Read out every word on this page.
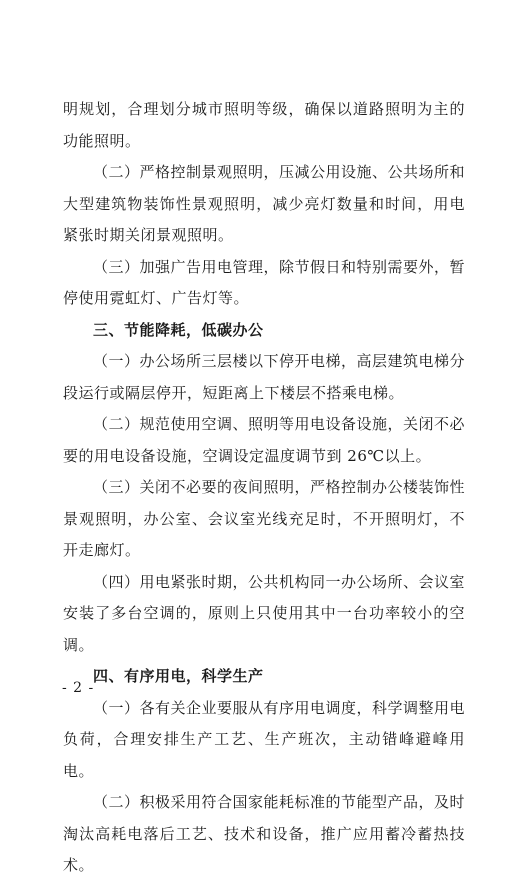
明规划，合理划分城市照明等级，确保以道路照明为主的功能照明。

（二）严格控制景观照明，压减公用设施、公共场所和大型建筑物装饰性景观照明，减少亮灯数量和时间，用电紧张时期关闭景观照明。

（三）加强广告用电管理，除节假日和特别需要外，暂停使用霓虹灯、广告灯等。

三、节能降耗，低碳办公

（一）办公场所三层楼以下停开电梯，高层建筑电梯分段运行或隔层停开，短距离上下楼层不搭乘电梯。

（二）规范使用空调、照明等用电设备设施，关闭不必要的用电设备设施，空调设定温度调节到 26℃以上。

（三）关闭不必要的夜间照明，严格控制办公楼装饰性景观照明，办公室、会议室光线充足时，不开照明灯，不开走廊灯。

（四）用电紧张时期，公共机构同一办公场所、会议室安装了多台空调的，原则上只使用其中一台功率较小的空调。

四、有序用电，科学生产

（一）各有关企业要服从有序用电调度，科学调整用电负荷，合理安排生产工艺、生产班次，主动错峰避峰用电。

（二）积极采用符合国家能耗标准的节能型产品，及时淘汰高耗电落后工艺、技术和设备，推广应用蓄冷蓄热技术。

- 2 -
